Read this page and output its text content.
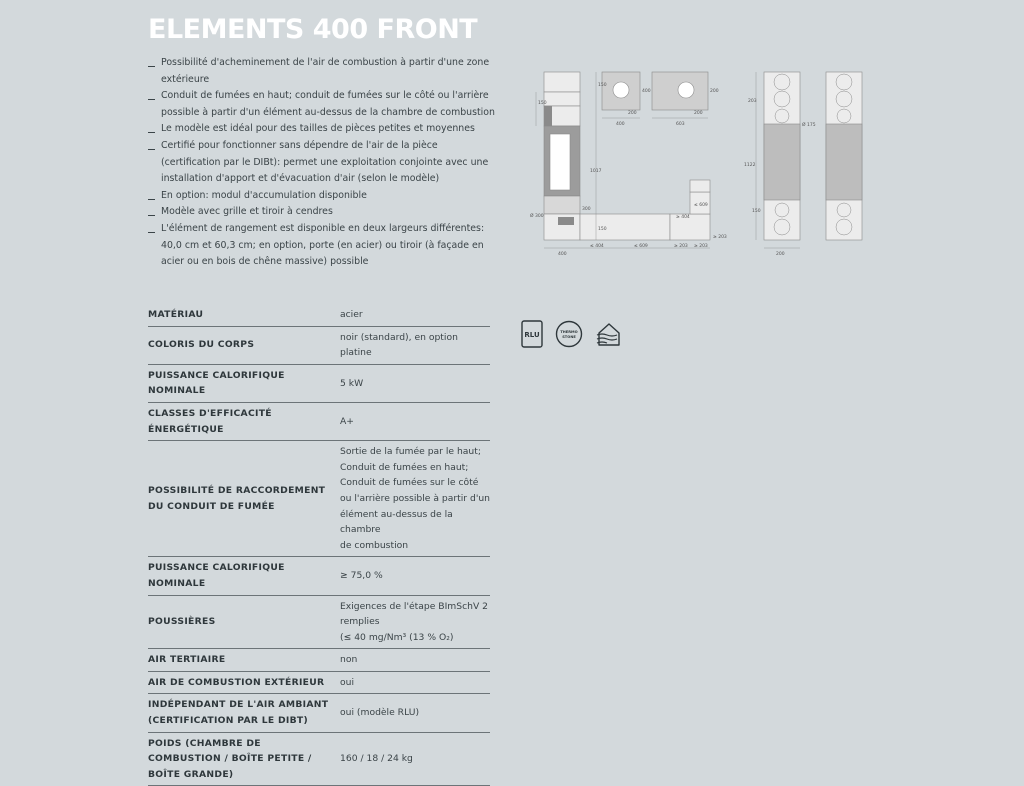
ELEMENTS 400 FRONT
Possibilité d'acheminement de l'air de combustion à partir d'une zone extérieure
Conduit de fumées en haut; conduit de fumées sur le côté ou l'arrière possible à partir d'un élément au-dessus de la chambre de combustion
Le modèle est idéal pour des tailles de pièces petites et moyennes
Certifié pour fonctionner sans dépendre de l'air de la pièce (certification par le DIBt): permet une exploitation conjointe avec une installation d'apport et d'évacuation d'air (selon le modèle)
En option: modul d'accumulation disponible
Modèle avec grille et tiroir à cendres
L'élément de rangement est disponible en deux largeurs différentes: 40,0 cm et 60,3 cm; en option, porte (en acier) ou tiroir (à façade en acier ou en bois de chêne massive) possible
MATÉRIAU	acier
COLORIS DU CORPS	noir (standard), en option platine
PUISSANCE CALORIFIQUE NOMINALE	5 kW
CLASSES D'EFFICACITÉ ÉNERGÉTIQUE	A+
POSSIBILITÉ DE RACCORDEMENT DU CONDUIT DE FUMÉE	Sortie de la fumée par le haut;
Conduit de fumées en haut;
Conduit de fumées sur le côté ou l'arrière possible à partir d'un élément au-dessus de la chambre
de combustion
PUISSANCE CALORIFIQUE NOMINALE	≥ 75,0 %
POUSSIÈRES	Exigences de l'étape BImSchV 2 remplies
(≤ 40 mg/Nm³ (13 % O₂)
AIR TERTIAIRE	non
AIR DE COMBUSTION EXTÉRIEUR	oui
INDÉPENDANT DE L'AIR AMBIANT (CERTIFICATION PAR LE DIBT)	oui (modèle RLU)
POIDS (CHAMBRE DE COMBUSTION / BOÎTE PETITE / BOÎTE GRANDE)	160 / 18 / 24 kg
150
400
400
200
200
603
200
150
1017
150
300
Ø 300
400
≤ 404	≤ 609	≥ 203 ≥ 203
≥ 404
≤ 609
≥ 203
203
Ø 175
1122
200
150
RLU	THERMO
STONE
